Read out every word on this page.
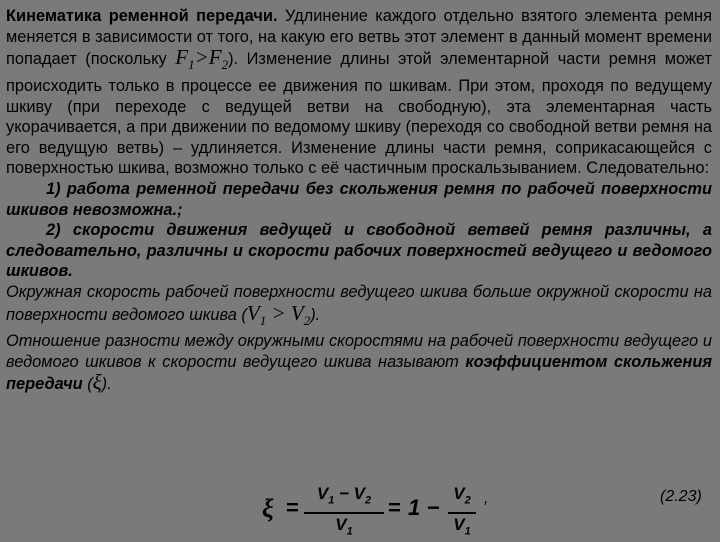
Кинематика ременной передачи. Удлинение каждого отдельно взятого элемента ремня меняется в зависимости от того, на какую его ветвь этот элемент в данный момент времени попадает (поскольку $F_1>F_2$). Изменение длины этой элементарной части ремня может происходить только в процессе ее движения по шкивам. При этом, проходя по ведущему шкиву (при переходе с ведущей ветви на свободную), эта элементарная часть укорачивается, а при движении по ведомому шкиву (переходя со свободной ветви ремня на его ведущую ветвь) – удлиняется. Изменение длины части ремня, соприкасающейся с поверхностью шкива, возможно только с её частичным проскальзыванием. Следовательно:

1) работа ременной передачи без скольжения ремня по рабочей поверхности шкивов невозможна.;

2) скорости движения ведущей и свободной ветвей ремня различны, а следовательно, различны и скорости рабочих поверхностей ведущего и ведомого шкивов.

Окружная скорость рабочей поверхности ведущего шкива больше окружной скорости на поверхности ведомого шкива $(V_1 > V_2)$.

Отношение разности между окружными скоростями на рабочей поверхности ведущего и ведомого шкивов к скорости ведущего шкива называют коэффициентом скольжения передачи (ξ).

ξ =
$V_1 - V_2$
$V_1$
= 1 −
$V_2$
$V_1$
,	(2.23)
